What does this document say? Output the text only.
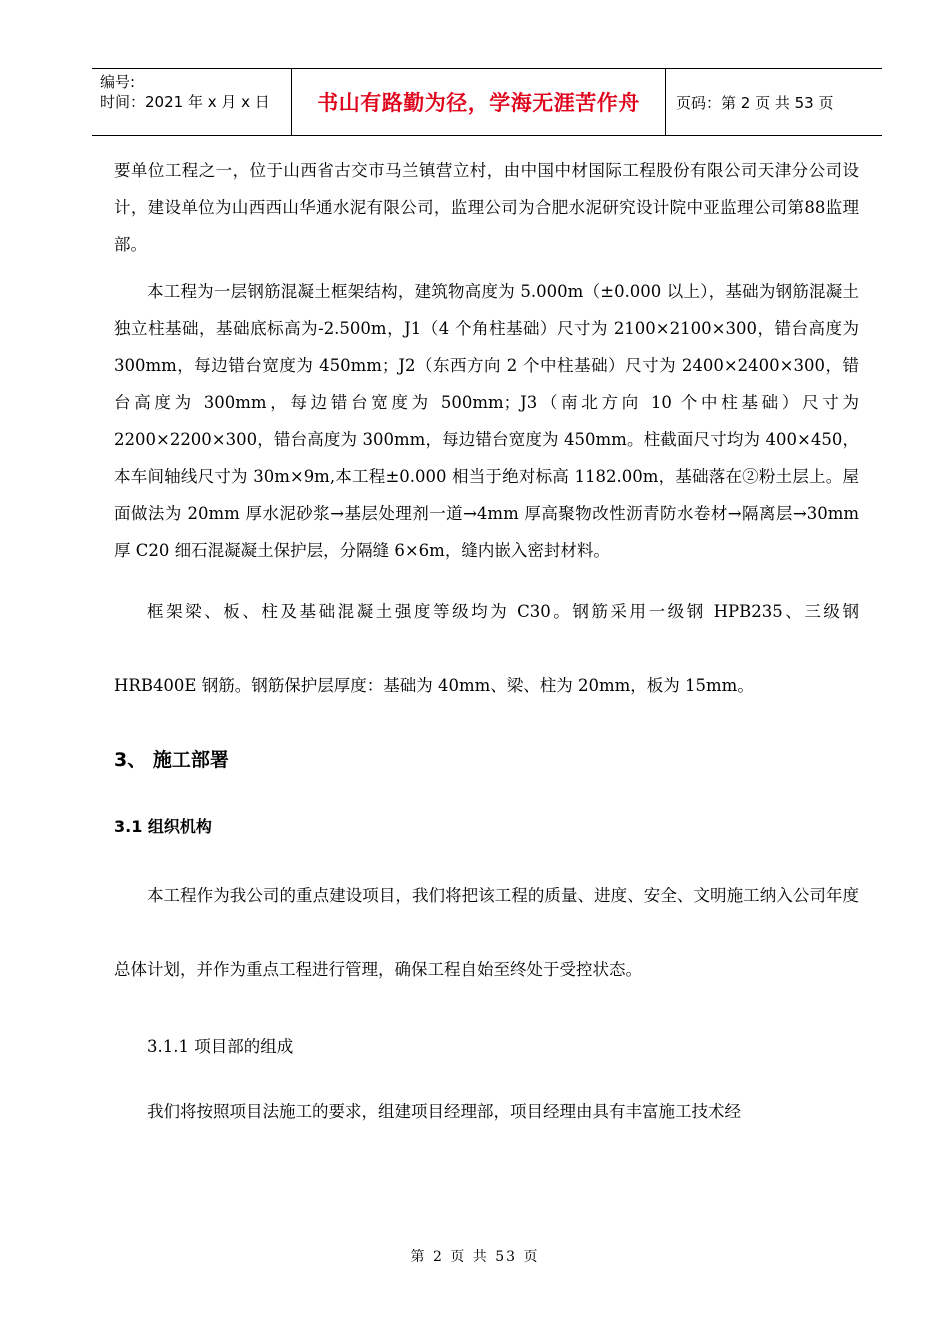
编号:
时间：2021 年 x 月 x 日	书山有路勤为径，学海无涯苦作舟	页码：第 2 页 共 53 页

要单位工程之一，位于山西省古交市马兰镇营立村，由中国中材国际工程股份有限公司天津分公司设计，建设单位为山西西山华通水泥有限公司，监理公司为合肥水泥研究设计院中亚监理公司第88监理部。

本工程为一层钢筋混凝土框架结构，建筑物高度为 5.000m（±0.000 以上），基础为钢筋混凝土独立柱基础，基础底标高为-2.500m，J1（4 个角柱基础）尺寸为 2100×2100×300，错台高度为 300mm，每边错台宽度为 450mm；J2（东西方向 2 个中柱基础）尺寸为 2400×2400×300，错台高度为 300mm，每边错台宽度为 500mm；J3（南北方向 10 个中柱基础）尺寸为 2200×2200×300，错台高度为 300mm，每边错台宽度为 450mm。柱截面尺寸均为 400×450，本车间轴线尺寸为 30m×9m,本工程±0.000 相当于绝对标高 1182.00m，基础落在②粉土层上。屋面做法为 20mm 厚水泥砂浆→基层处理剂一道→4mm 厚高聚物改性沥青防水卷材→隔离层→30mm 厚 C20 细石混凝凝土保护层，分隔缝 6×6m，缝内嵌入密封材料。

框架梁、板、柱及基础混凝土强度等级均为 C30。钢筋采用一级钢 HPB235、三级钢 HRB400E 钢筋。钢筋保护层厚度：基础为 40mm、梁、柱为 20mm，板为 15mm。

3、 施工部署

3.1 组织机构

本工程作为我公司的重点建设项目，我们将把该工程的质量、进度、安全、文明施工纳入公司年度总体计划，并作为重点工程进行管理，确保工程自始至终处于受控状态。

3.1.1 项目部的组成

我们将按照项目法施工的要求，组建项目经理部，项目经理由具有丰富施工技术经

第 2 页 共 53 页
